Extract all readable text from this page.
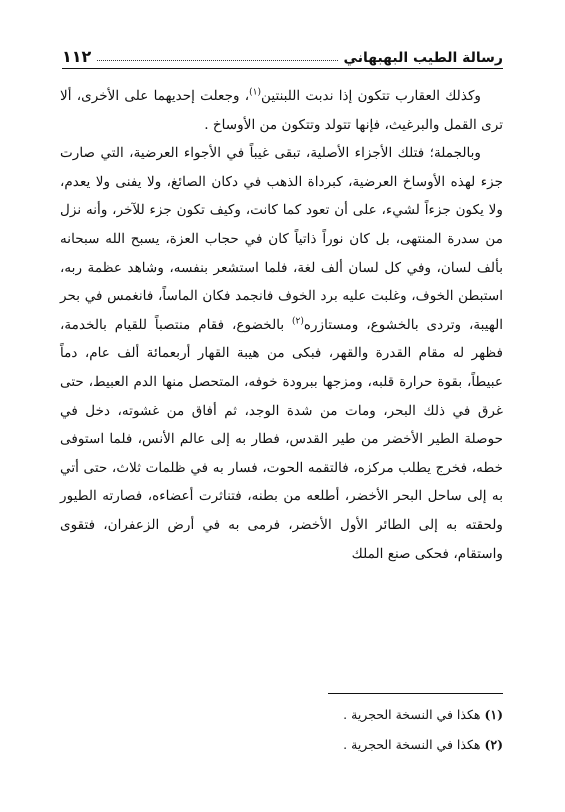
رسالة الطيب البهبهاني
١١٢

وكذلك العقارب تتكون إذا ندبت اللبنتين$^{(١)}$، وجعلت إحديهما على الأخرى، ألا ترى القمل والبرغيث، فإنها تتولد وتتكون من الأوساخ .

وبالجملة؛ فتلك الأجزاء الأصلية، تبقى غيباً في الأجواء العرضية، التي صارت جزء لهذه الأوساخ العرضية، كبرداة الذهب في دكان الصائغ، ولا يفنى ولا يعدم، ولا يكون جزءاً لشيء، على أن تعود كما كانت، وكيف تكون جزء للآخر، وأنه نزل من سدرة المنتهى، بل كان نوراً ذاتياً كان في حجاب العزة، يسبح الله سبحانه بألف لسان، وفي كل لسان ألف لغة، فلما استشعر بنفسه، وشاهد عظمة ربه، استبطن الخوف، وغلبت عليه برد الخوف فانجمد فكان الماساً، فانغمس في بحر الهيبة، وتردى بالخشوع، ومستازره$^{(٢)}$ بالخضوع، فقام منتصباً للقيام بالخدمة، فظهر له مقام القدرة والقهر، فبكى من هيبة القهار أربعمائة ألف عام، دماً عبيطاً، بقوة حرارة قلبه، ومزجها ببرودة خوفه، المتحصل منها الدم العبيط، حتى غرق في ذلك البحر، ومات من شدة الوجد، ثم أفاق من غشوته، دخل في حوصلة الطير الأخضر من طير القدس، فطار به إلى عالم الأنس، فلما استوفى خطه، فخرج يطلب مركزه، فالتقمه الحوت، فسار به في ظلمات ثلاث، حتى أتي به إلى ساحل البحر الأخضر، أطلعه من بطنه، فتناثرت أعضاءه، فصارته الطيور ولحقته به إلى الطائر الأول الأخضر، فرمى به في أرض الزعفران، فتقوى واستقام، فحكى صنع الملك

(١)هكذا في النسخة الحجرية .
(٢)هكذا في النسخة الحجرية .
